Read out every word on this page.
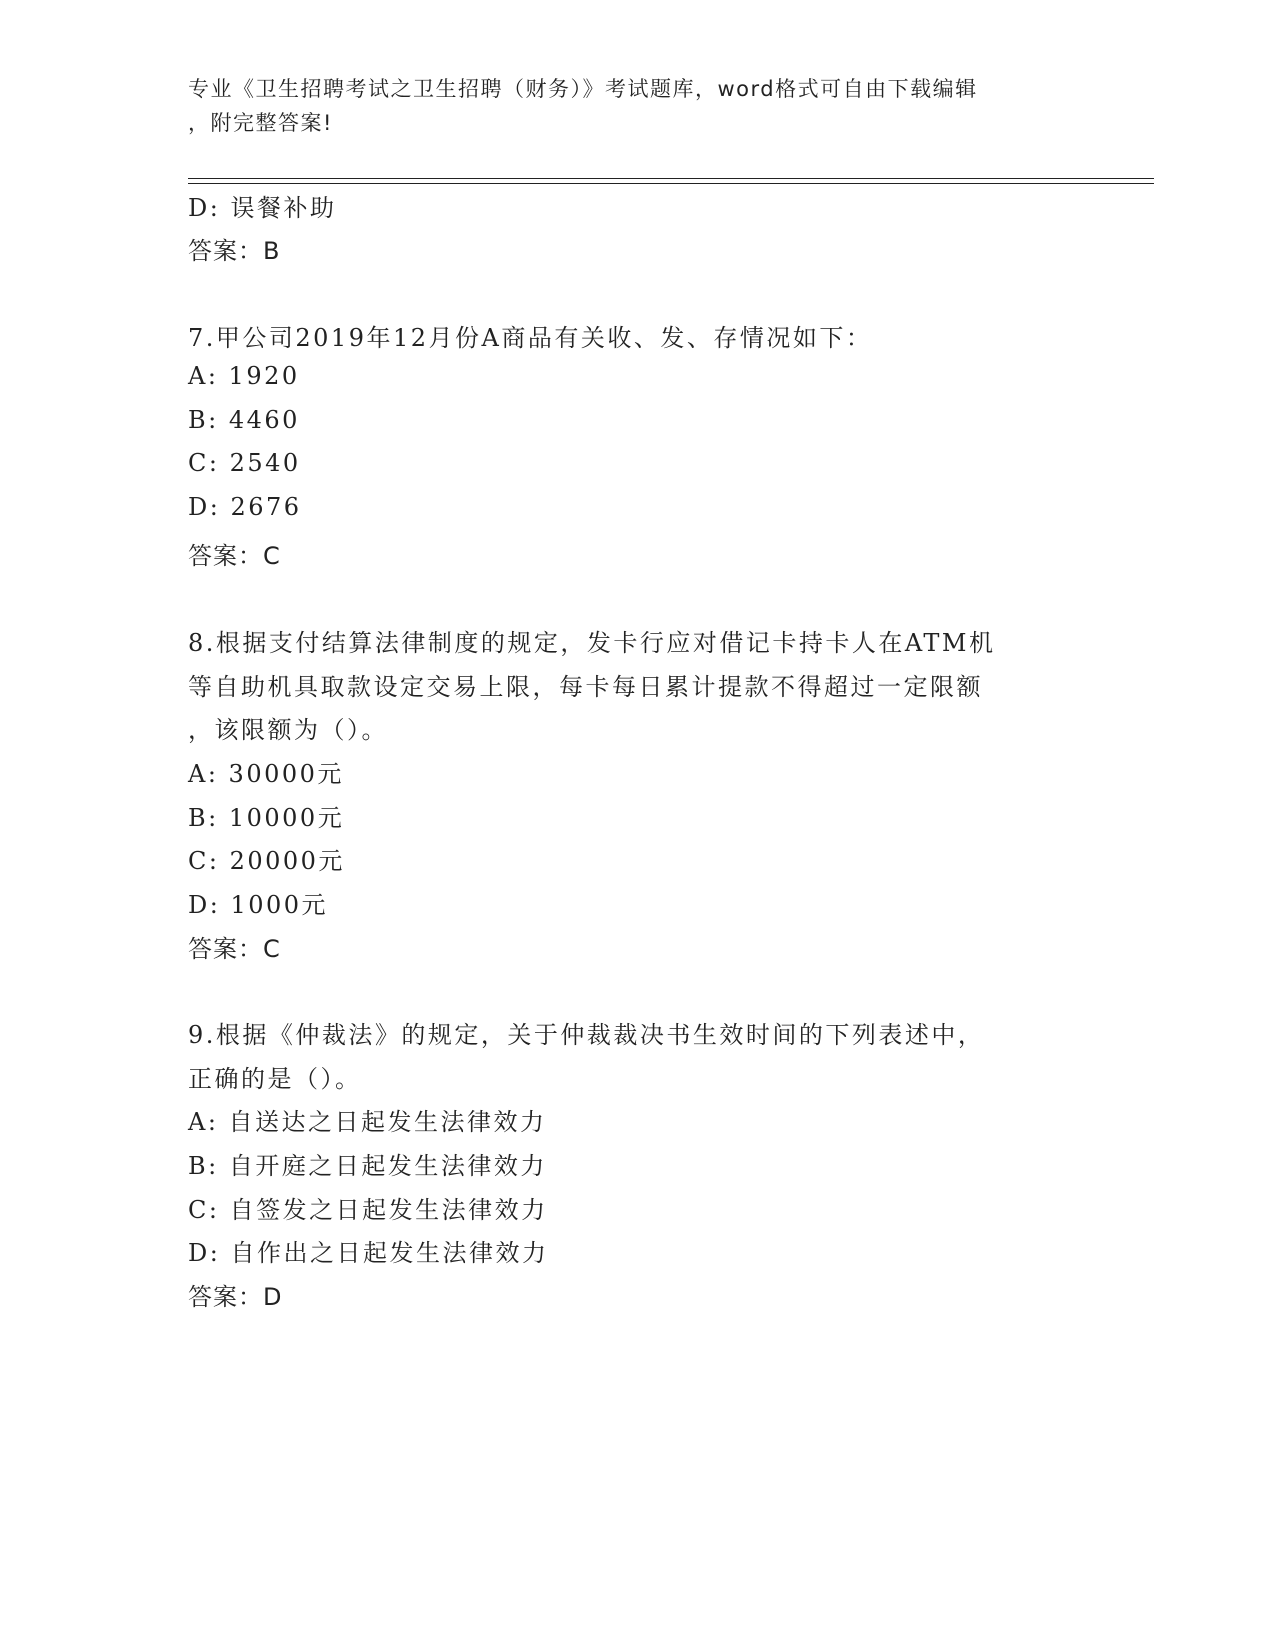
专业《卫生招聘考试之卫生招聘（财务）》考试题库，word格式可自由下载编辑
，附完整答案!
D: 误餐补助
答案：B
7.甲公司2019年12月份A商品有关收、发、存情况如下：
A: 1920
B: 4460
C: 2540
D: 2676
答案：C
8.根据支付结算法律制度的规定，发卡行应对借记卡持卡人在ATM机
等自助机具取款设定交易上限，每卡每日累计提款不得超过一定限额
，该限额为（）。
A: 30000元
B: 10000元
C: 20000元
D: 1000元
答案：C
9.根据《仲裁法》的规定，关于仲裁裁决书生效时间的下列表述中，
正确的是（）。
A: 自送达之日起发生法律效力
B: 自开庭之日起发生法律效力
C: 自签发之日起发生法律效力
D: 自作出之日起发生法律效力
答案：D
